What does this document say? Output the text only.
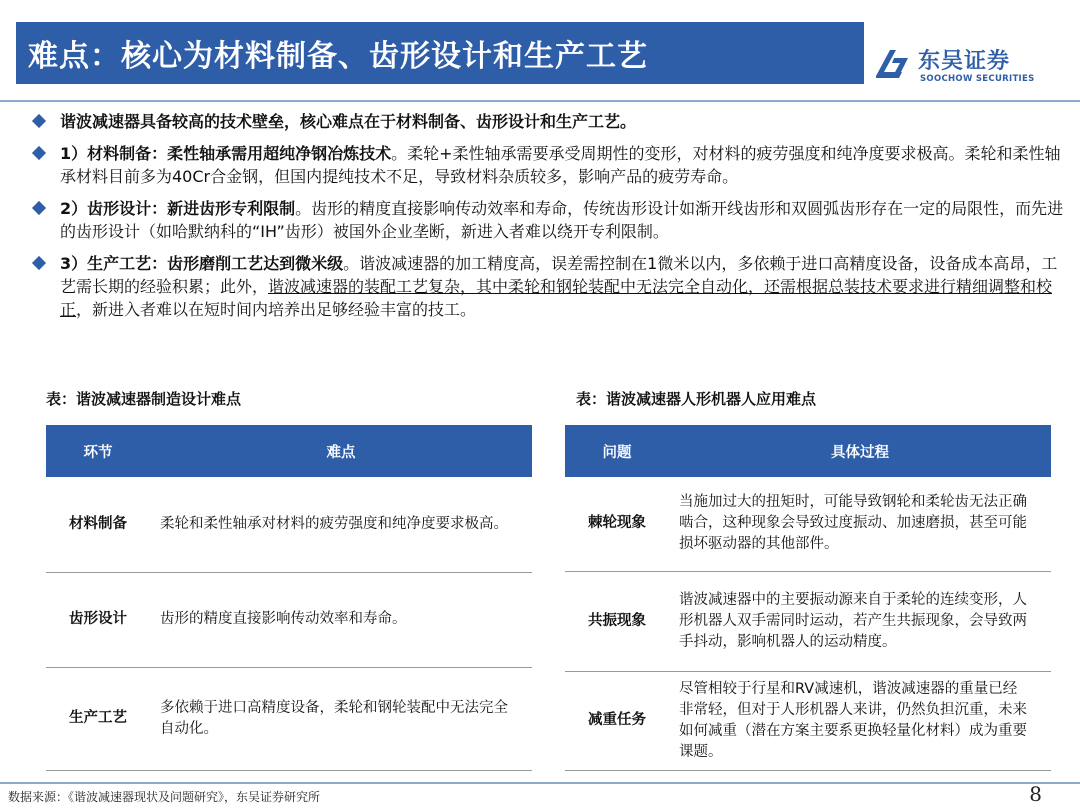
难点：核心为材料制备、齿形设计和生产工艺	东吴证券
SOOCHOW SECURITIES
谐波减速器具备较高的技术壁垒，核心难点在于材料制备、齿形设计和生产工艺。
1）材料制备：柔性轴承需用超纯净钢冶炼技术。柔轮+柔性轴承需要承受周期性的变形，对材料的疲劳强度和纯净度要求极高。柔轮和柔性轴承材料目前多为40Cr合金钢，但国内提纯技术不足，导致材料杂质较多，影响产品的疲劳寿命。
2）齿形设计：新进齿形专利限制。齿形的精度直接影响传动效率和寿命，传统齿形设计如渐开线齿形和双圆弧齿形存在一定的局限性，而先进的齿形设计（如哈默纳科的“IH”齿形）被国外企业垄断，新进入者难以绕开专利限制。
3）生产工艺：齿形磨削工艺达到微米级。谐波减速器的加工精度高，误差需控制在1微米以内，多依赖于进口高精度设备，设备成本高昂，工艺需长期的经验积累；此外，谐波减速器的装配工艺复杂，其中柔轮和钢轮装配中无法完全自动化，还需根据总装技术要求进行精细调整和校正，新进入者难以在短时间内培养出足够经验丰富的技工。
表：谐波减速器制造设计难点	表：谐波减速器人形机器人应用难点
环节	难点
材料制备	柔轮和柔性轴承对材料的疲劳强度和纯净度要求极高。
齿形设计	齿形的精度直接影响传动效率和寿命。
生产工艺	多依赖于进口高精度设备，柔轮和钢轮装配中无法完全自动化。
问题	具体过程
棘轮现象	当施加过大的扭矩时，可能导致钢轮和柔轮齿无法正确啮合，这种现象会导致过度振动、加速磨损，甚至可能损坏驱动器的其他部件。
共振现象	谐波减速器中的主要振动源来自于柔轮的连续变形，人形机器人双手需同时运动，若产生共振现象，会导致两手抖动，影响机器人的运动精度。
减重任务	尽管相较于行星和RV减速机，谐波减速器的重量已经非常轻，但对于人形机器人来讲，仍然负担沉重，未来如何减重（潜在方案主要系更换轻量化材料）成为重要课题。
数据来源：《谐波减速器现状及问题研究》，东吴证券研究所	8
